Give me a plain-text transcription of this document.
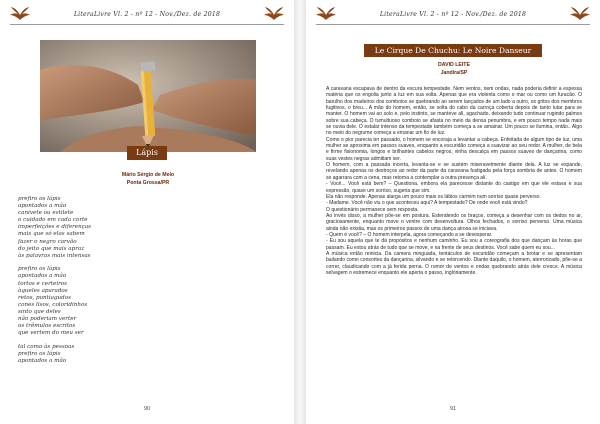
LiteraLivre Vl. 2 - nº 12 - Nov./Dez. de 2018
Lápis
Mário Sérgio de Melo
Ponta Grossa/PR
prefiro os lápis
apontados a mão
canivete ou estilete
o cuidado em cada corte
imperfeições e diferenças
mais que só elas sabem
fazer o negro carvão
do jeito que mais apraz
às palavras mais intensas
prefiro os lápis
apontados a mão
tortos e certeiros
àqueles aparados
retos, pontiagudos
cones lisos, coloridinhos
sinto que deles
não poderiam verter
os trêmulos escritos
que vertem do meu ser
tal como às pessoas
prefiro os lápis
apontados a mão
90
LiteraLivre Vl. 2 - nº 12 - Nov./Dez. de 2018
Le Cirque De Chuchu: Le Noire Danseur
DAVID LEITE
Jandira/SP

A caravana escapava de dentro da escura tempestade. Nem ventos, nem ondas, nada poderia definir a espessa matéria que os engolia junto a luz em sua volta. Apenas que era violenta como o mar ou como um furacão. O barulho dos madeiros dos comboios se quebrando ao serem lançados de um lado a outro, os gritos dos membros fugitivos, o breu... A mão do homem, então, se solta do cabo da carroça coberta depois de tanto lutar para se manter. O homem vai ao solo e, pelo instinto, se manteve ali, agachado, deixando tudo continuar rugindo palmos sobre sua cabeça. O tumultuoso comboio se afasta no meio da densa penumbra, e em pouco tempo nada mais se ouvia dele. O estalar intenso da tempestade também começa a se amainar. Um pouco se ilumina, então.. Algo no meio do negrume começa a emanar um fio de luz.

Como o pior parecia ter passado, o homem se encoraja a levantar a cabeça. Enfeitada de algum tipo de luz, uma mulher se aproxima em passos suaves, enquanto a escuridão começa a suavizar ao seu redor. A mulher, de bela e firme fisionomia, longos e brilhantes cabelos negros, vinha descalça em passos suaves de dançarina, como suas vestes negras admitiam ser.

O homem, com a passada incerta, levanta-se e se sustém miseravelmente diante dela. A luz se expande, revelando apenas os destroços ao redor da parte da caravana fustigada pela força sombria de antes. O homem se agarrara com a cena, mas retorna a contemplar a outra presença ali.

- Você... Você está bem? – Questiona, embora ela parecesse distante do castigo em que ele estava e sua expressão, quase um sorriso, sugeria que sim.

Ela não responde. Apenas alarga um pouco mais os lábios carmim num sorriso quase perverso.

- Madame. Você não viu o que aconteceu aqui? A tempestade? De onde você está vindo?

O questionário permanece sem resposta.

Ao invés disso, a mulher põe-se em postura. Estendendo os braços, começa a desenhar com os dedos no ar, graciosamente, enquanto move o ventre com desenvoltura. Olhos fechados, o sorriso perverso. Uma música ainda não existia, mas os primeiros passos de uma dança airosa se iniciava.

- Quem é você? – O homem interpela, agora começando a se desesperar.

- Eu sou aquela que te dá propósitos e nenhum caminho. Eu sou a coreografia dos que dançam às horas que passam. Eu estou atrás de tudo que se move, e na frente de seus destinos. Você sabe quem eu sou...

A música então reinicia. Da camera minguada, tentáculos de escuridão começam a brotar e se apresentam bailando como consortes da dançarina, silvando e se retorcendo. Diante daquilo, o homem, aterrorizado, põe-se a correr, claudicando com a já ferida perna. O rumor de ventos e ondas quebrando atrás dele cresce. A música selvagem o estremece enquanto ele aperta o passo, inglóriamente.

91
